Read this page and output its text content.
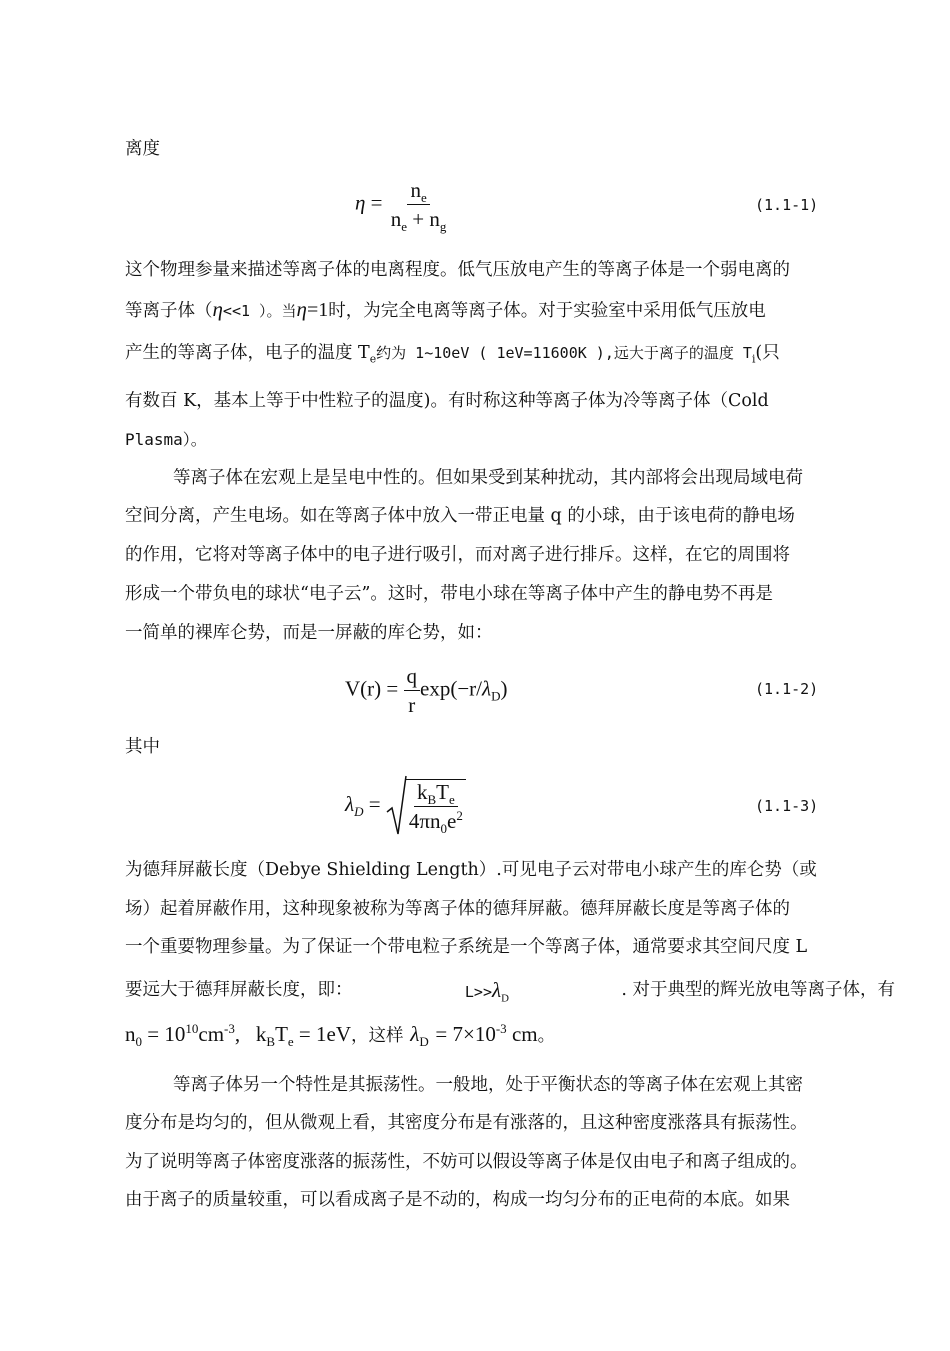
离度
$\eta = \frac{n_e}{n_e + n_g}$	(1.1-1)
这个物理参量来描述等离子体的电离程度。低气压放电产生的等离子体是一个弱电离的
等离子体（η<<1 ）。当η=1时，为完全电离等离子体。对于实验室中采用低气压放电
产生的等离子体，电子的温度 $T_e$约为 1~10eV ( 1eV=11600K ),远大于离子的温度 $T_i$(只
有数百 K，基本上等于中性粒子的温度)。有时称这种等离子体为冷等离子体（Cold
Plasma）。
等离子体在宏观上是呈电中性的。但如果受到某种扰动，其内部将会出现局域电荷
空间分离，产生电场。如在等离子体中放入一带正电量 q 的小球，由于该电荷的静电场
的作用，它将对等离子体中的电子进行吸引，而对离子进行排斥。这样，在它的周围将
形成一个带负电的球状“电子云”。这时，带电小球在等离子体中产生的静电势不再是
一简单的裸库仑势，而是一屏蔽的库仑势，如：
$V(r) = \frac{q}{r} \exp(-r/\lambda_D)$	(1.1-2)
其中
$\lambda_D = \frac{k_BT_e}{4\pi n_0e^2}$	(1.1-3)
为德拜屏蔽长度（Debye Shielding Length）.可见电子云对带电小球产生的库仑势（或
场）起着屏蔽作用，这种现象被称为等离子体的德拜屏蔽。德拜屏蔽长度是等离子体的
一个重要物理参量。为了保证一个带电粒子系统是一个等离子体，通常要求其空间尺度 L
要远大于德拜屏蔽长度，即：	$L>>\lambda_D$	. 对于典型的辉光放电等离子体，有
$n_0 = 10^{10}cm^{-3}$, $k_BT_e = 1eV$，这样 $\lambda_D = 7\times 10^{-3}$ cm。
等离子体另一个特性是其振荡性。一般地，处于平衡状态的等离子体在宏观上其密
度分布是均匀的，但从微观上看，其密度分布是有涨落的，且这种密度涨落具有振荡性。
为了说明等离子体密度涨落的振荡性，不妨可以假设等离子体是仅由电子和离子组成的。
由于离子的质量较重，可以看成离子是不动的，构成一均匀分布的正电荷的本底。如果
